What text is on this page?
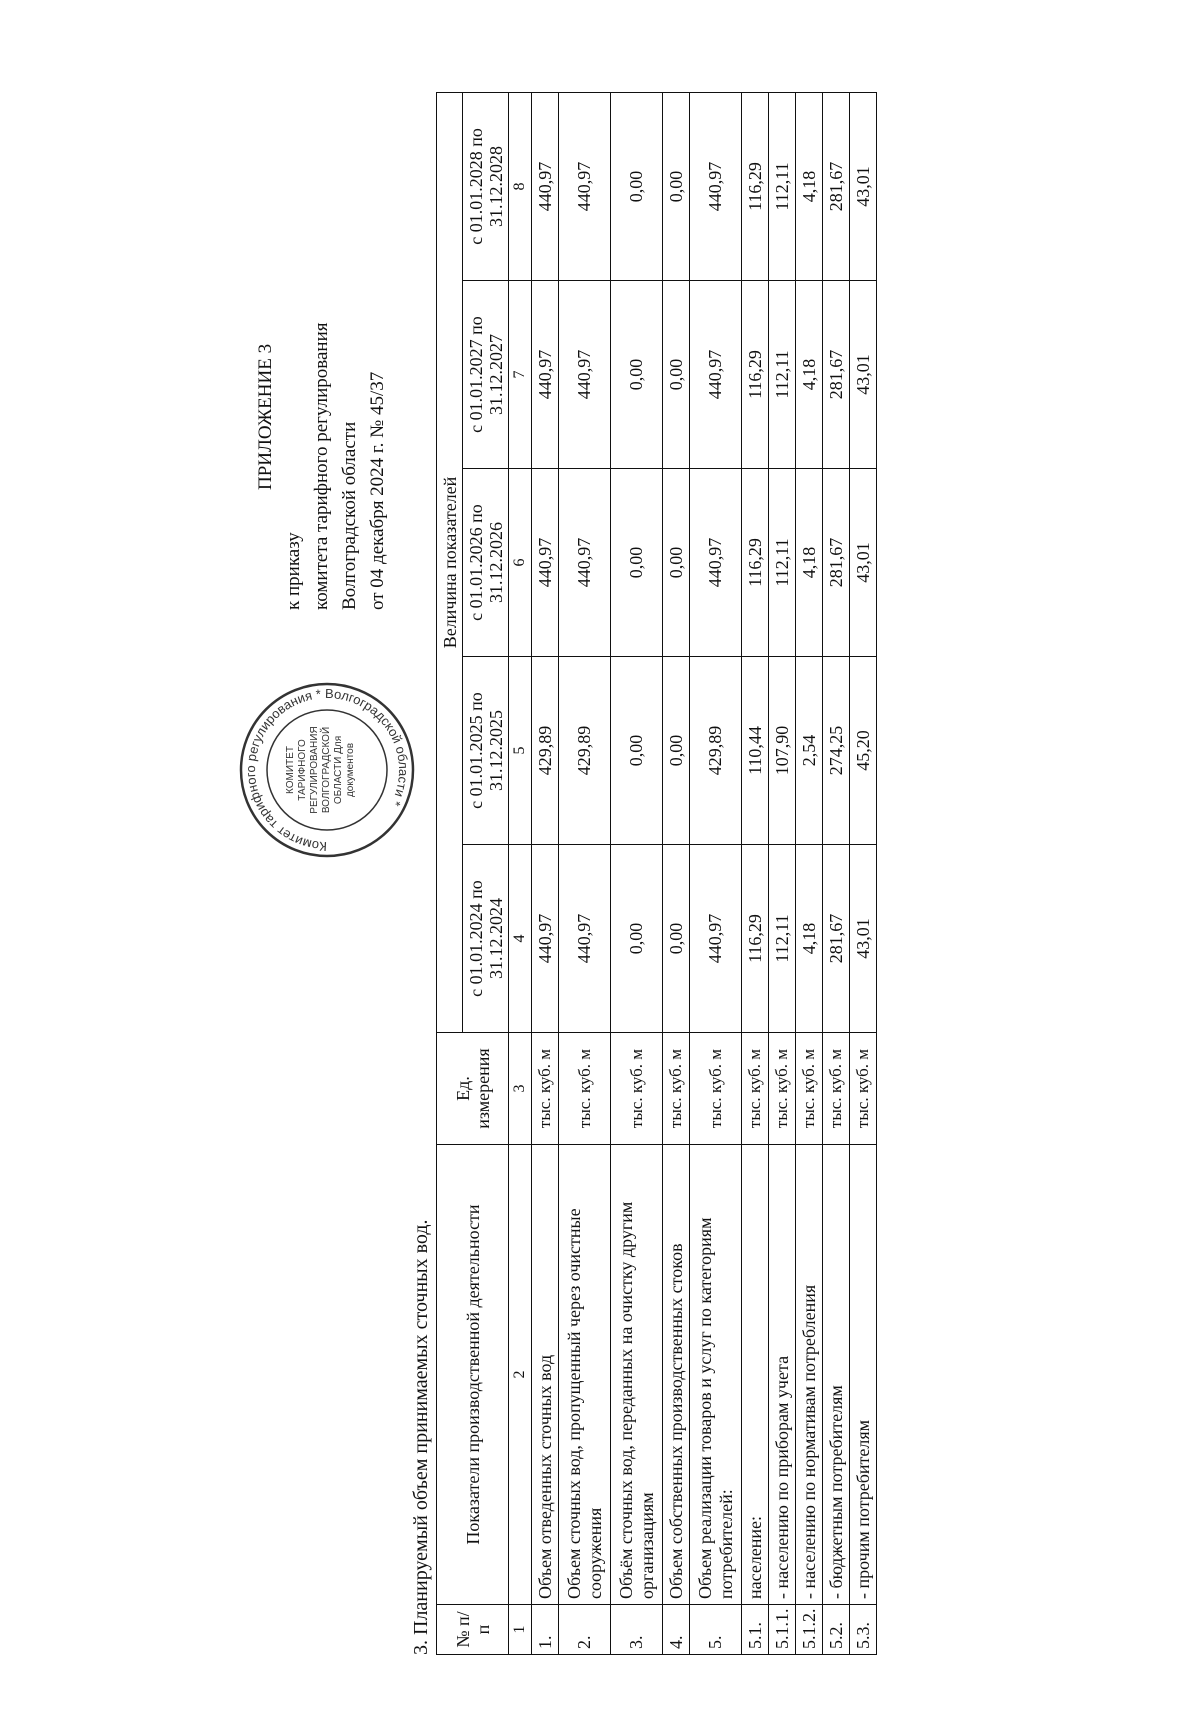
Комитет тарифного регулирования * Волгоградской области *
КОМИТЕТ ТАРИФНОГО РЕГУЛИРОВАНИЯ ВОЛГОГРАДСКОЙ ОБЛАСТИ Для документов
ПРИЛОЖЕНИЕ 3
к приказу комитета тарифного регулирования Волгоградской области от 04 декабря 2024 г. № 45/37
3. Планируемый объем принимаемых сточных вод. № п/п	Показатели производственной деятельности	Ед. измерения	Величина показателей				
			с 01.01.2024 по 31.12.2024	с 01.01.2025 по 31.12.2025	с 01.01.2026 по 31.12.2026	с 01.01.2027 по 31.12.2027	с 01.01.2028 по 31.12.2028
1	2	3	4	5	6	7	8
1.	Объем отведенных сточных вод	тыс. куб. м	440,97	429,89	440,97	440,97	440,97
2.	Объем сточных вод, пропущенный через очистные сооружения	тыс. куб. м	440,97	429,89	440,97	440,97	440,97
3.	Объём сточных вод, переданных на очистку другим организациям	тыс. куб. м	0,00	0,00	0,00	0,00	0,00
4.	Объем собственных производственных стоков	тыс. куб. м	0,00	0,00	0,00	0,00	0,00
5.	Объем реализации товаров и услуг по категориям потребителей:	тыс. куб. м	440,97	429,89	440,97	440,97	440,97
5.1.	население:	тыс. куб. м	116,29	110,44	116,29	116,29	116,29
5.1.1.	- населению по приборам учета	тыс. куб. м	112,11	107,90	112,11	112,11	112,11
5.1.2.	- населению по нормативам потребления	тыс. куб. м	4,18	2,54	4,18	4,18	4,18
5.2.	- бюджетным потребителям	тыс. куб. м	281,67	274,25	281,67	281,67	281,67
5.3.	- прочим потребителям	тыс. куб. м	43,01	45,20	43,01	43,01	43,01
